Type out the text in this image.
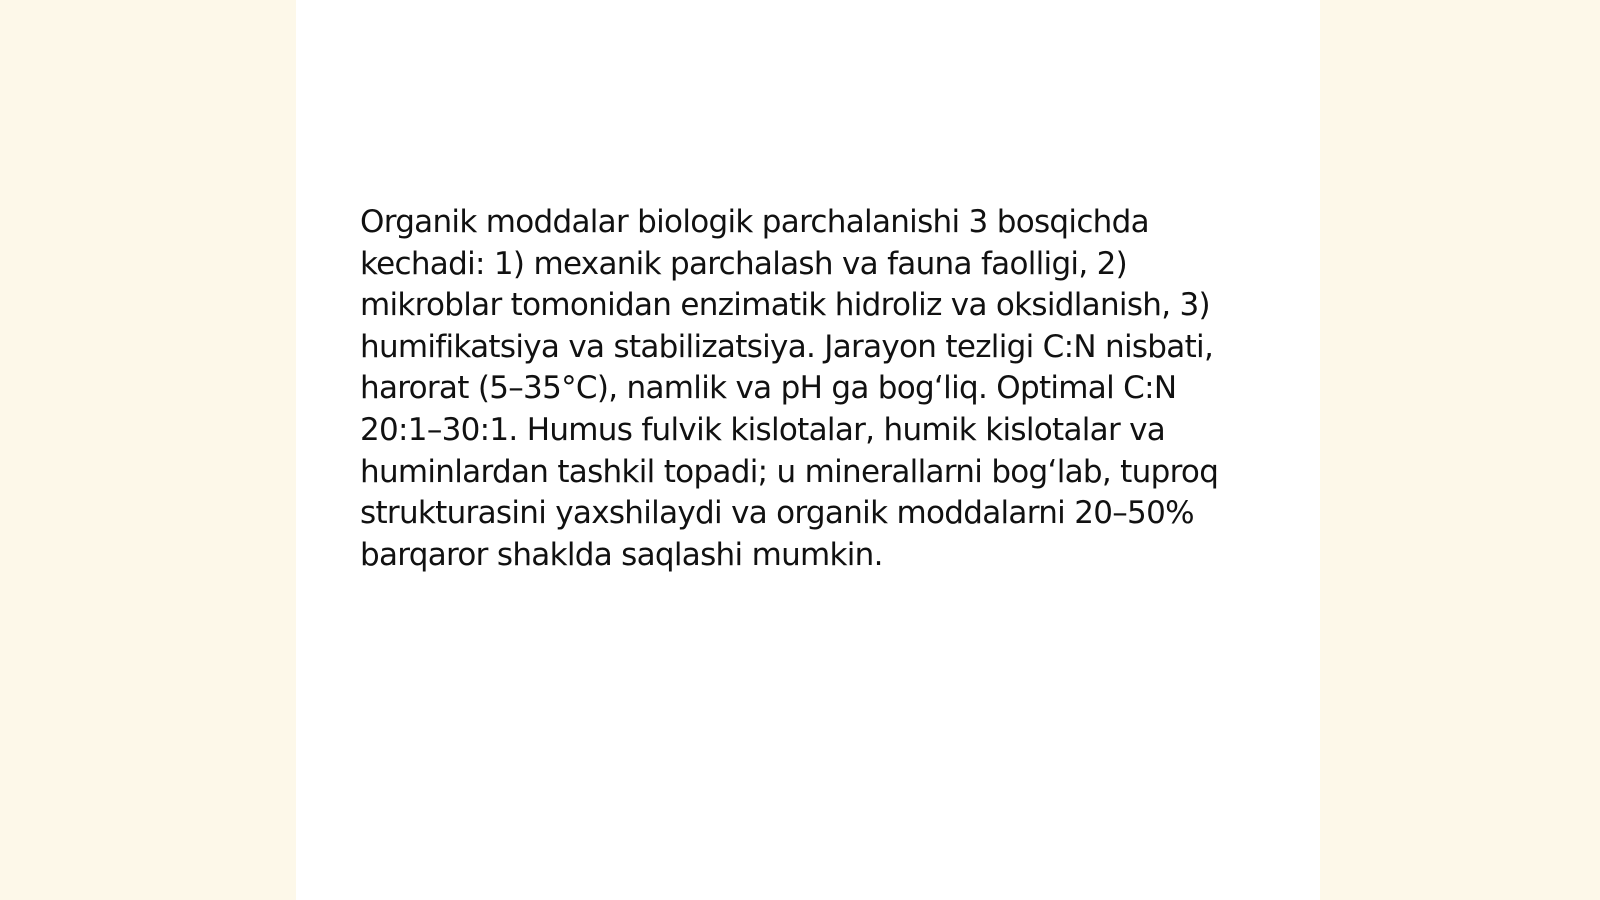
Organik moddalar biologik parchalanishi 3 bosqichda kechadi: 1) mexanik parchalash va fauna faolligi, 2) mikroblar tomonidan enzimatik hidroliz va oksidlanish, 3) humifikatsiya va stabilizatsiya. Jarayon tezligi C:N nisbati, harorat (5–35°C), namlik va pH ga bogʻliq. Optimal C:N 20:1–30:1. Humus fulvik kislotalar, humik kislotalar va huminlardan tashkil topadi; u minerallarni bogʻlab, tuproq strukturasini yaxshilaydi va organik moddalarni 20–50% barqaror shaklda saqlashi mumkin.
